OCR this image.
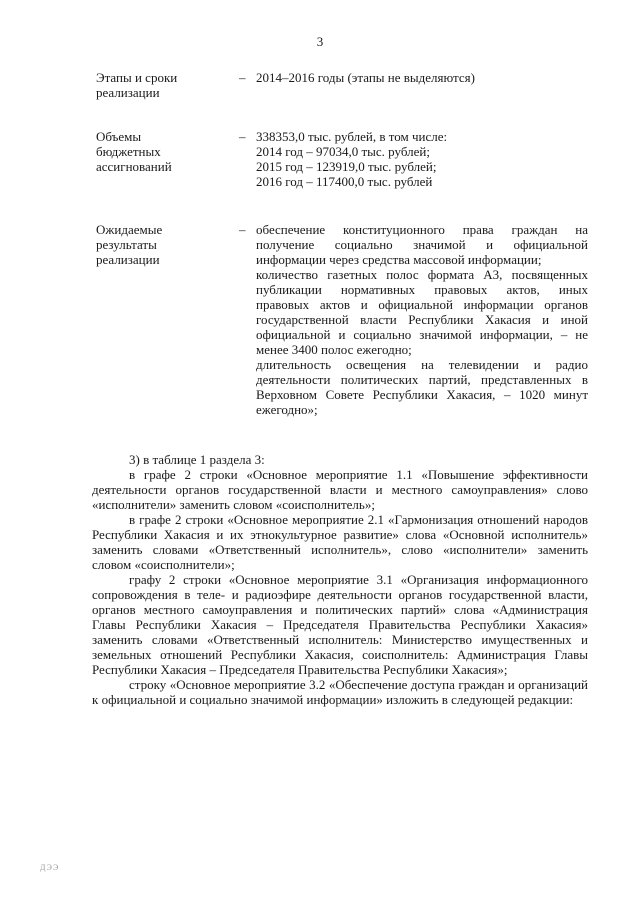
3
Этапы и сроки
реализации
– 2014–2016 годы (этапы не выделяются)
Объемы
бюджетных
ассигнований
– 338353,0 тыс. рублей, в том числе:
2014 год – 97034,0 тыс. рублей;
2015 год – 123919,0 тыс. рублей;
2016 год – 117400,0 тыс. рублей
Ожидаемые
результаты
реализации
– обеспечение конституционного права граждан на
получение социально значимой и официальной
информации через средства массовой информации;
количество газетных полос формата А3, посвященных
публикации нормативных правовых актов, иных
правовых актов и официальной информации органов
государственной власти Республики Хакасия и иной
официальной и социально значимой информации, – не
менее 3400 полос ежегодно;
длительность освещения на телевидении и радио
деятельности политических партий, представленных в
Верховном Совете Республики Хакасия, – 1020 минут
ежегодно»;
3) в таблице 1 раздела 3:
в графе 2 строки «Основное мероприятие 1.1 «Повышение эффективности деятельности органов государственной власти и местного самоуправления» слово «исполнители» заменить словом «соисполнитель»;
в графе 2 строки «Основное мероприятие 2.1 «Гармонизация отношений народов Республики Хакасия и их этнокультурное развитие» слова «Основной исполнитель» заменить словами «Ответственный исполнитель», слово «исполнители» заменить словом «соисполнители»;
графу 2 строки «Основное мероприятие 3.1 «Организация информационного сопровождения в теле- и радиоэфире деятельности органов государственной власти, органов местного самоуправления и политических партий» слова «Администрация Главы Республики Хакасия – Председателя Правительства Республики Хакасия» заменить словами «Ответственный исполнитель: Министерство имущественных и земельных отношений Республики Хакасия, соисполнитель: Администрация Главы Республики Хакасия – Председателя Правительства Республики Хакасия»;
строку «Основное мероприятие 3.2 «Обеспечение доступа граждан и организаций к официальной и социально значимой информации» изложить в следующей редакции:
ДЭЭ
